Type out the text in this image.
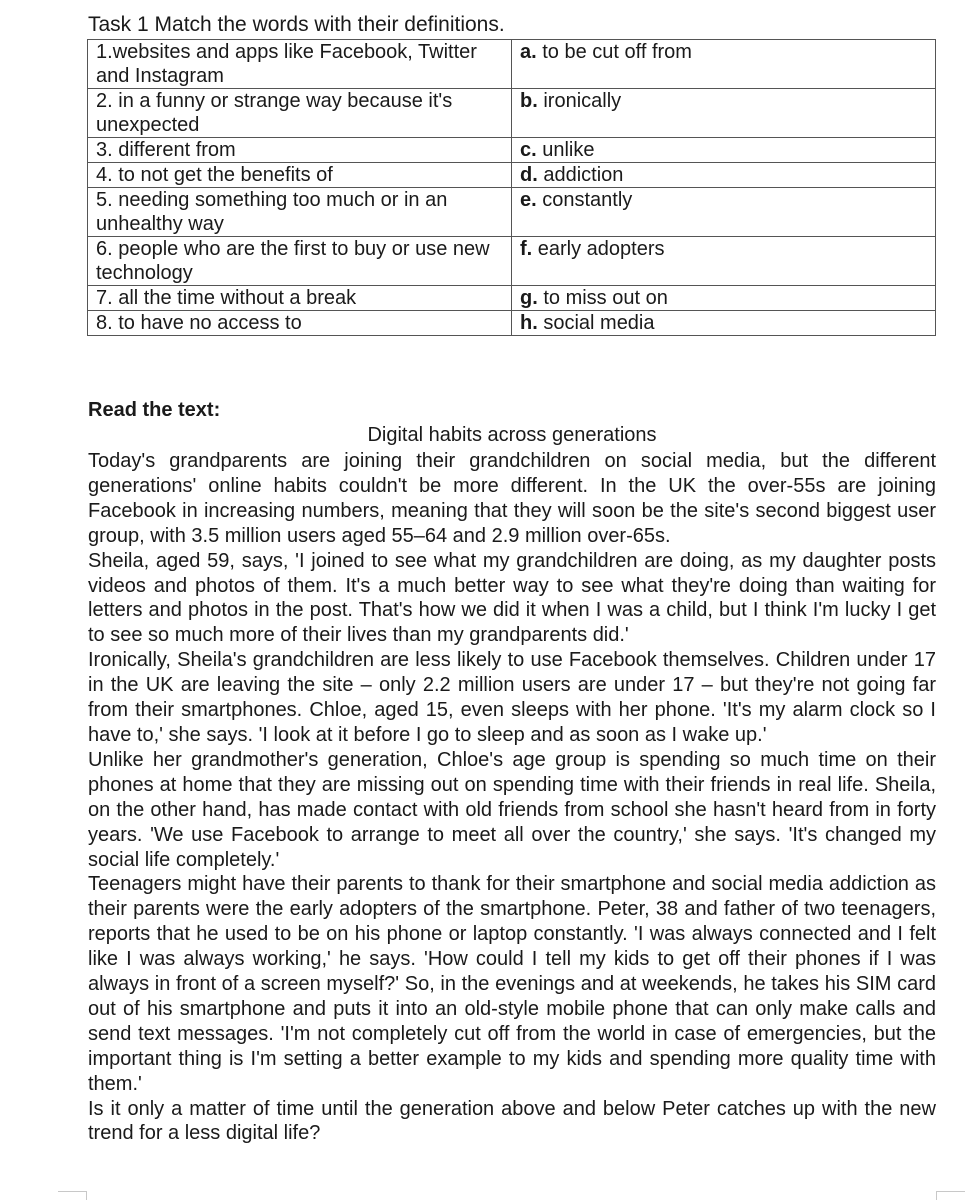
Task 1 Match the words with their definitions.
1.websites and apps like Facebook, Twitter and Instagram	a. to be cut off from
2. in a funny or strange way because it's unexpected	b. ironically
3. different from	c. unlike
4. to not get the benefits of	d. addiction
5. needing something too much or in an unhealthy way	e. constantly
6. people who are the first to buy or use new technology	f. early adopters
7. all the time without a break	g. to miss out on
8. to have no access to	h. social media
Read the text:
Digital habits across generations

Today's grandparents are joining their grandchildren on social media, but the different generations' online habits couldn't be more different. In the UK the over-55s are joining Facebook in increasing numbers, meaning that they will soon be the site's second biggest user group, with 3.5 million users aged 55–64 and 2.9 million over-65s.

Sheila, aged 59, says, 'I joined to see what my grandchildren are doing, as my daughter posts videos and photos of them. It's a much better way to see what they're doing than waiting for letters and photos in the post. That's how we did it when I was a child, but I think I'm lucky I get to see so much more of their lives than my grandparents did.'

Ironically, Sheila's grandchildren are less likely to use Facebook themselves. Children under 17 in the UK are leaving the site – only 2.2 million users are under 17 – but they're not going far from their smartphones. Chloe, aged 15, even sleeps with her phone. 'It's my alarm clock so I have to,' she says. 'I look at it before I go to sleep and as soon as I wake up.'

Unlike her grandmother's generation, Chloe's age group is spending so much time on their phones at home that they are missing out on spending time with their friends in real life. Sheila, on the other hand, has made contact with old friends from school she hasn't heard from in forty years. 'We use Facebook to arrange to meet all over the country,' she says. 'It's changed my social life completely.'

Teenagers might have their parents to thank for their smartphone and social media addiction as their parents were the early adopters of the smartphone. Peter, 38 and father of two teenagers, reports that he used to be on his phone or laptop constantly. 'I was always connected and I felt like I was always working,' he says. 'How could I tell my kids to get off their phones if I was always in front of a screen myself?' So, in the evenings and at weekends, he takes his SIM card out of his smartphone and puts it into an old-style mobile phone that can only make calls and send text messages. 'I'm not completely cut off from the world in case of emergencies, but the important thing is I'm setting a better example to my kids and spending more quality time with them.'

Is it only a matter of time until the generation above and below Peter catches up with the new trend for a less digital life?
